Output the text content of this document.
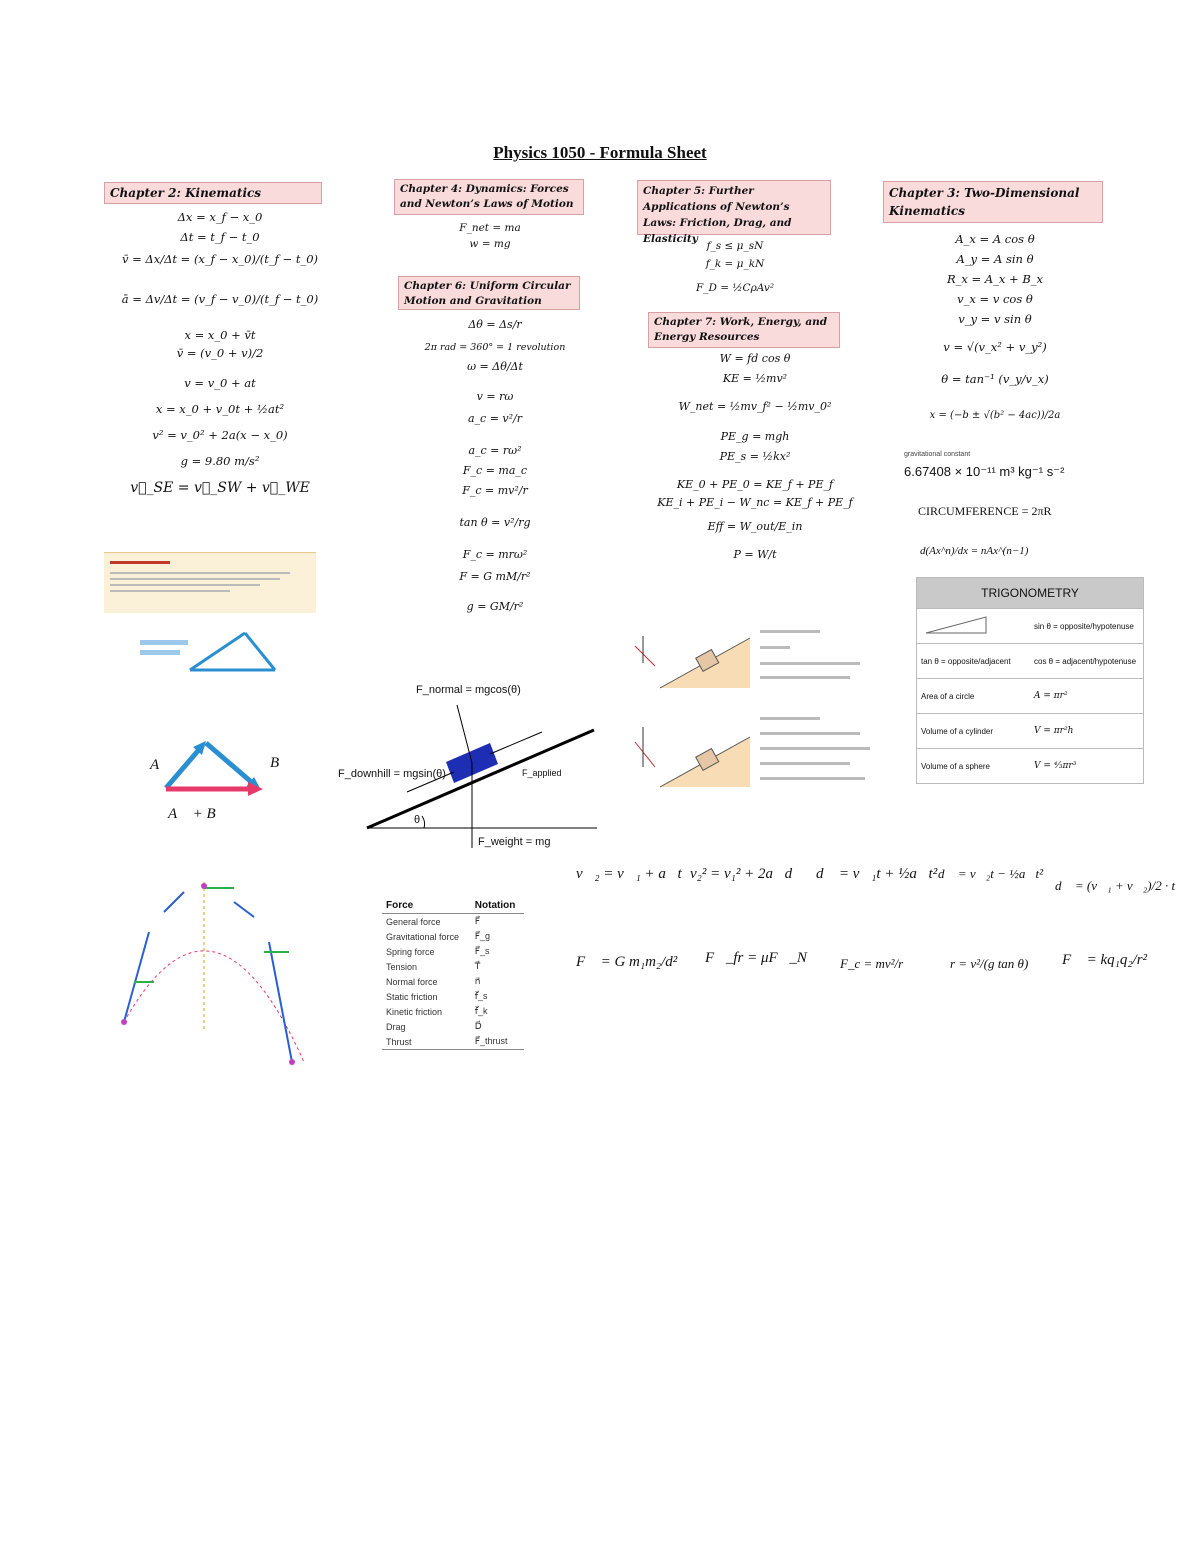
Physics 1050 - Formula Sheet
Chapter 2: Kinematics	Chapter 4: Dynamics: Forces and Newton’s Laws of Motion
Chapter 5: Further Applications of Newton’s Laws: Friction, Drag, and Elasticity
Chapter 3: Two-Dimensional Kinematics
Chapter 6: Uniform Circular Motion and Gravitation
Chapter 7: Work, Energy, and Energy Resources
Δx = x_f − x_0
Δt = t_f − t_0
v̄ = Δx/Δt = (x_f − x_0)/(t_f − t_0)
ā = Δv/Δt = (v_f − v_0)/(t_f − t_0)
x = x_0 + v̄t
v̄ = (v_0 + v)/2
v = v_0 + at
x = x_0 + v_0t + ½at²
v² = v_0² + 2a(x − x_0)
g = 9.80 m/s²
v⃗_SE = v⃗_SW + v⃗_WE
A⃗	B⃗
A⃗ + B⃗
F_net = ma
w = mg
Δθ = Δs/r
2π rad = 360° = 1 revolution
ω = Δθ/Δt
v = rω
a_c = v²/r
a_c = rω²
F_c = ma_c
F_c = mv²/r
tan θ = v²/rg
F_c = mrω²
F = G mM/r²
g = GM/r²
F_normal = mgcos(θ)
F_downhill = mgsin(θ)	F_applied
F_weight = mg
θ
Force	Notation
General force	F⃗
Gravitational force	F⃗_g
Spring force	F⃗_s
Tension	T⃗
Normal force	n⃗
Static friction	f⃗_s
Kinetic friction	f⃗_k
Drag	D⃗
Thrust	F⃗_thrust
f_s ≤ μ_sN
f_k = μ_kN
F_D = ½CρAv²
W = fd cos θ
KE = ½mv²
W_net = ½mv_f² − ½mv_0²
PE_g = mgh
PE_s = ½kx²
KE_0 + PE_0 = KE_f + PE_f
KE_i + PE_i − W_nc = KE_f + PE_f
Eff = W_out/E_in
P = W/t
A_x = A cos θ
A_y = A sin θ
R_x = A_x + B_x
v_x = v cos θ
v_y = v sin θ
v = √(v_x² + v_y²)
θ = tan⁻¹ (v_y/v_x)
x = (−b ± √(b² − 4ac))/2a
gravitational constant
6.67408 × 10⁻¹¹ m³ kg⁻¹ s⁻²
CIRCUMFERENCE = 2πR
d(Ax^n)/dx = nAx^(n−1)
TRIGONOMETRY
sin θ = opposite/hypotenuse
tan θ = opposite/adjacent	cos θ = adjacent/hypotenuse
Area of a circle	A = πr²
Volume of a cylinder	V = πr²h
Volume of a sphere	V = ⁴⁄₃πr³
v⃗₂ = v⃗₁ + a⃗t v₂² = v₁² + 2a⃗d⃗ d⃗ = v⃗₁t + ½a⃗t² d⃗ = v⃗₂t − ½a⃗t²
d⃗ = (v⃗₁ + v⃗₂)/2 · t
F⃗ = G m₁m₂/d² F⃗_fr = μF⃗_N	F_c = mv²/r	r = v²/(g tan θ) F⃗ = kq₁q₂/r²
